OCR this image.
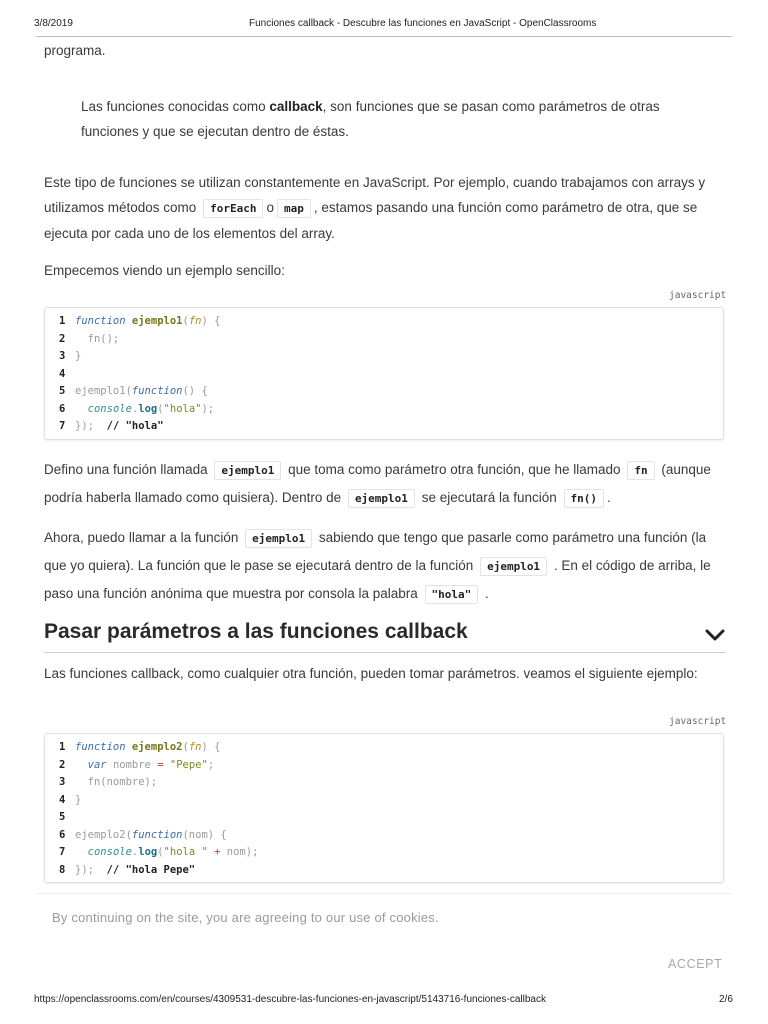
3/8/2019	Funciones callback - Descubre las funciones en JavaScript - OpenClassrooms
programa.
Las funciones conocidas como callback, son funciones que se pasan como parámetros de otras funciones y que se ejecutan dentro de éstas.
Este tipo de funciones se utilizan constantemente en JavaScript. Por ejemplo, cuando trabajamos con arrays y utilizamos métodos como forEach o map , estamos pasando una función como parámetro de otra, que se ejecuta por cada uno de los elementos del array.
Empecemos viendo un ejemplo sencillo:
javascript
1 function ejemplo1(fn) {
2  fn();
3 }
4
5 ejemplo1(function() {
6 console.log("hola");
7 }); // "hola"
Defino una función llamada ejemplo1 que toma como parámetro otra función, que he llamado fn (aunque podría haberla llamado como quisiera). Dentro de ejemplo1 se ejecutará la función fn() .
Ahora, puedo llamar a la función ejemplo1 sabiendo que tengo que pasarle como parámetro una función (la que yo quiera). La función que le pase se ejecutará dentro de la función ejemplo1 . En el código de arriba, le paso una función anónima que muestra por consola la palabra "hola" .
Pasar parámetros a las funciones callback
Las funciones callback, como cualquier otra función, pueden tomar parámetros. veamos el siguiente ejemplo:
javascript
1 function ejemplo2(fn) {
2 var nombre = "Pepe";
3  fn(nombre);
4 }
5
6 ejemplo2(function(nom) {
7 console.log("hola " + nom);
8 }); // "hola Pepe"
By continuing on the site, you are agreeing to our use of cookies.
ACCEPT
https://openclassrooms.com/en/courses/4309531-descubre-las-funciones-en-javascript/5143716-funciones-callback	2/6
